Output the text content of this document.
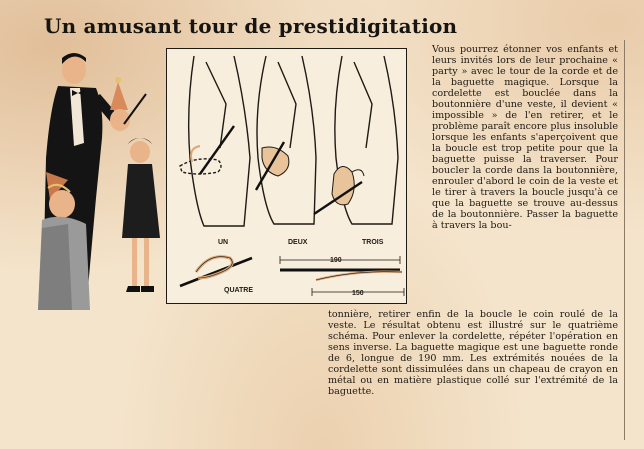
Un amusant tour de prestidigitation
UN	DEUX	TROIS
QUATRE
190
150
Vous pourrez étonner vos enfants et leurs invités lors de leur prochaine « party » avec le tour de la corde et de la baguette magique. Lorsque la cordelette est bouclée dans la boutonnière d'une veste, il devient « impossible » de l'en retirer, et le problème paraît encore plus insoluble lorsque les enfants s'aperçoivent que la boucle est trop petite pour que la baguette puisse la traverser. Pour boucler la corde dans la boutonnière, enrouler d'abord le coin de la veste et le tirer à travers la boucle jusqu'à ce que la baguette se trouve au-dessus de la boutonnière. Passer la baguette à travers la bou-
tonnière, retirer enfin de la boucle le coin roulé de la veste. Le résultat obtenu est illustré sur le quatrième schéma. Pour enlever la cordelette, répéter l'opération en sens inverse. La baguette magique est une baguette ronde de 6, longue de 190 mm. Les extrémités nouées de la cordelette sont dissimulées dans un chapeau de crayon en métal ou en matière plastique collé sur l'extrémité de la baguette.
